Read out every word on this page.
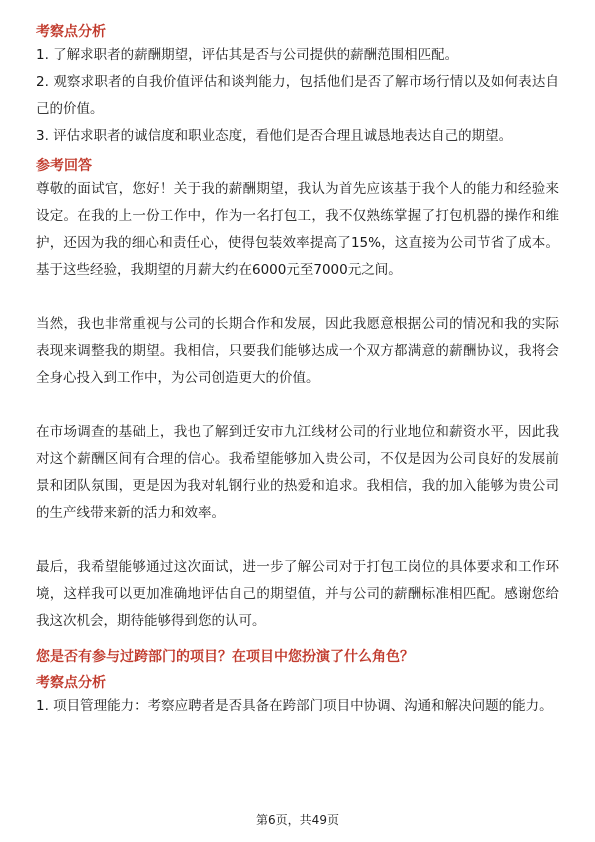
考察点分析

1. 了解求职者的薪酬期望，评估其是否与公司提供的薪酬范围相匹配。

2. 观察求职者的自我价值评估和谈判能力，包括他们是否了解市场行情以及如何表达自己的价值。

3. 评估求职者的诚信度和职业态度，看他们是否合理且诚恳地表达自己的期望。

参考回答

尊敬的面试官，您好！关于我的薪酬期望，我认为首先应该基于我个人的能力和经验来设定。在我的上一份工作中，作为一名打包工，我不仅熟练掌握了打包机器的操作和维护，还因为我的细心和责任心，使得包装效率提高了15%，这直接为公司节省了成本。基于这些经验，我期望的月薪大约在6000元至7000元之间。

当然，我也非常重视与公司的长期合作和发展，因此我愿意根据公司的情况和我的实际表现来调整我的期望。我相信，只要我们能够达成一个双方都满意的薪酬协议，我将会全身心投入到工作中，为公司创造更大的价值。

在市场调查的基础上，我也了解到迁安市九江线材公司的行业地位和薪资水平，因此我对这个薪酬区间有合理的信心。我希望能够加入贵公司，不仅是因为公司良好的发展前景和团队氛围，更是因为我对轧钢行业的热爱和追求。我相信，我的加入能够为贵公司的生产线带来新的活力和效率。

最后，我希望能够通过这次面试，进一步了解公司对于打包工岗位的具体要求和工作环境，这样我可以更加准确地评估自己的期望值，并与公司的薪酬标准相匹配。感谢您给我这次机会，期待能够得到您的认可。

您是否有参与过跨部门的项目？在项目中您扮演了什么角色？

考察点分析

1. 项目管理能力：考察应聘者是否具备在跨部门项目中协调、沟通和解决问题的能力。

第6页，共49页
